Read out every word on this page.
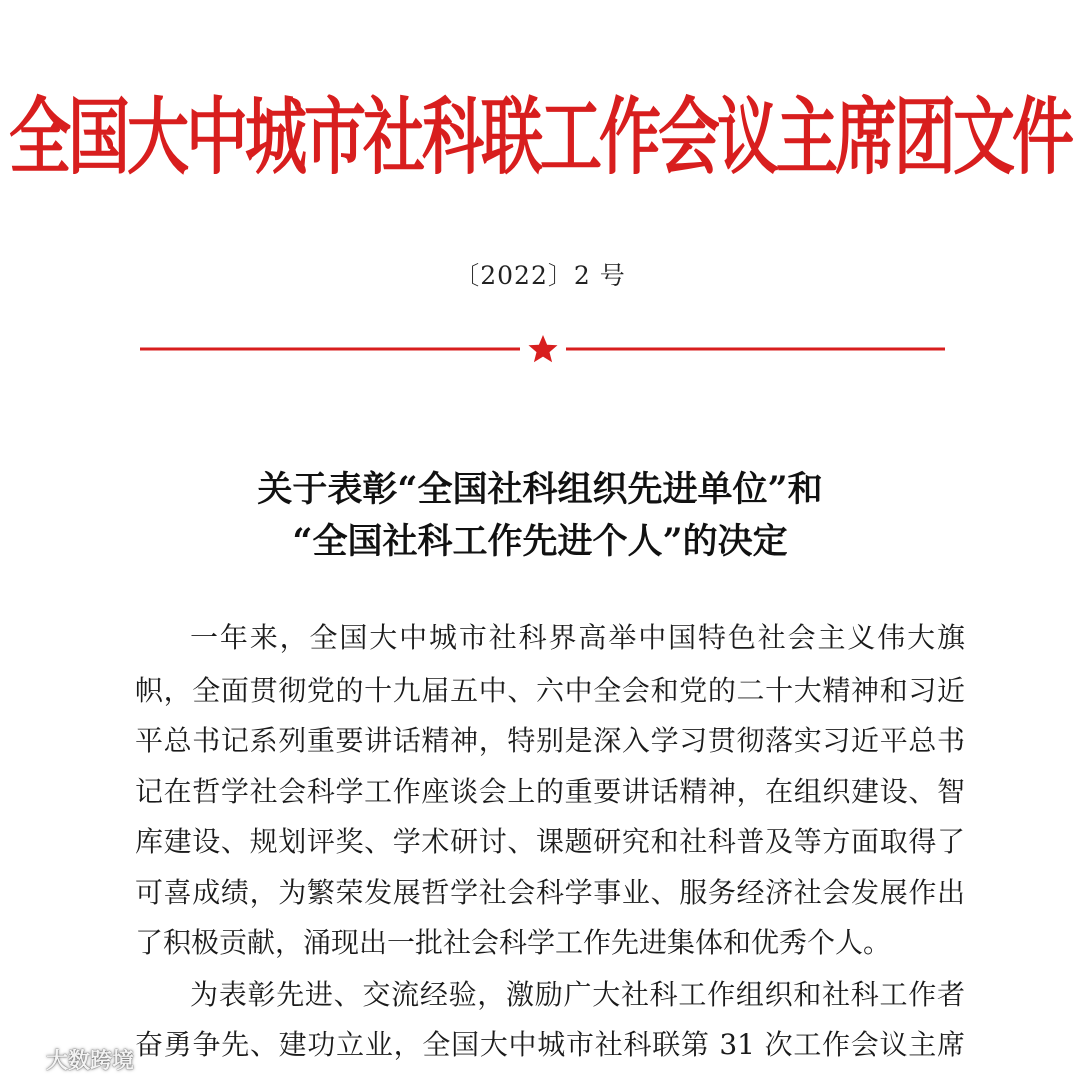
全国大中城市社科联工作会议主席团文件
〔2022〕2 号
关于表彰“全国社科组织先进单位”和
“全国社科工作先进个人”的决定
一年来，全国大中城市社科界高举中国特色社会主义伟大旗
帜，全面贯彻党的十九届五中、六中全会和党的二十大精神和习近
平总书记系列重要讲话精神，特别是深入学习贯彻落实习近平总书
记在哲学社会科学工作座谈会上的重要讲话精神，在组织建设、智
库建设、规划评奖、学术研讨、课题研究和社科普及等方面取得了
可喜成绩，为繁荣发展哲学社会科学事业、服务经济社会发展作出
了积极贡献，涌现出一批社会科学工作先进集体和优秀个人。
为表彰先进、交流经验，激励广大社科工作组织和社科工作者
奋勇争先、建功立业，全国大中城市社科联第 31 次工作会议主席
大数跨境
